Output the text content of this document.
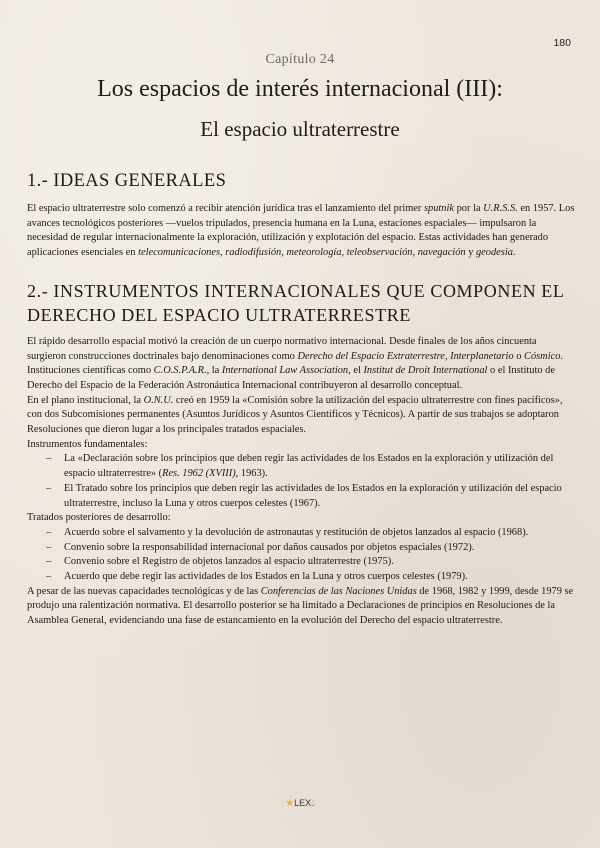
180
Capítulo 24
Los espacios de interés internacional (III):
El espacio ultraterrestre
1.- IDEAS GENERALES

El espacio ultraterrestre solo comenzó a recibir atención jurídica tras el lanzamiento del primer sputnik por la U.R.S.S. en 1957. Los avances tecnológicos posteriores —vuelos tripulados, presencia humana en la Luna, estaciones espaciales— impulsaron la necesidad de regular internacionalmente la exploración, utilización y explotación del espacio. Estas actividades han generado aplicaciones esenciales en telecomunicaciones, radiodifusión, meteorología, teleobservación, navegación y geodesia.

2.- INSTRUMENTOS INTERNACIONALES QUE COMPONEN EL DERECHO DEL ESPACIO ULTRATERRESTRE

El rápido desarrollo espacial motivó la creación de un cuerpo normativo internacional. Desde finales de los años cincuenta surgieron construcciones doctrinales bajo denominaciones como Derecho del Espacio Extraterrestre, Interplanetario o Cósmico. Instituciones científicas como C.O.S.P.A.R., la International Law Association, el Institut de Droit International o el Instituto de Derecho del Espacio de la Federación Astronáutica Internacional contribuyeron al desarrollo conceptual.

En el plano institucional, la O.N.U. creó en 1959 la «Comisión sobre la utilización del espacio ultraterrestre con fines pacíficos», con dos Subcomisiones permanentes (Asuntos Jurídicos y Asuntos Científicos y Técnicos). A partir de sus trabajos se adoptaron Resoluciones que dieron lugar a los principales tratados espaciales.

Instrumentos fundamentales:

– La «Declaración sobre los principios que deben regir las actividades de los Estados en la exploración y utilización del espacio ultraterrestre» (Res. 1962 (XVIII), 1963).
– El Tratado sobre los principios que deben regir las actividades de los Estados en la exploración y utilización del espacio ultraterrestre, incluso la Luna y otros cuerpos celestes (1967).

Tratados posteriores de desarrollo:

– Acuerdo sobre el salvamento y la devolución de astronautas y restitución de objetos lanzados al espacio (1968).
– Convenio sobre la responsabilidad internacional por daños causados por objetos espaciales (1972).
– Convenio sobre el Registro de objetos lanzados al espacio ultraterrestre (1975).
– Acuerdo que debe regir las actividades de los Estados en la Luna y otros cuerpos celestes (1979).

A pesar de las nuevas capacidades tecnológicas y de las Conferencias de las Naciones Unidas de 1968, 1982 y 1999, desde 1979 se produjo una ralentización normativa. El desarrollo posterior se ha limitado a Declaraciones de principios en Resoluciones de la Asamblea General, evidenciando una fase de estancamiento en la evolución del Derecho del espacio ultraterrestre.

★LEX💧︎
